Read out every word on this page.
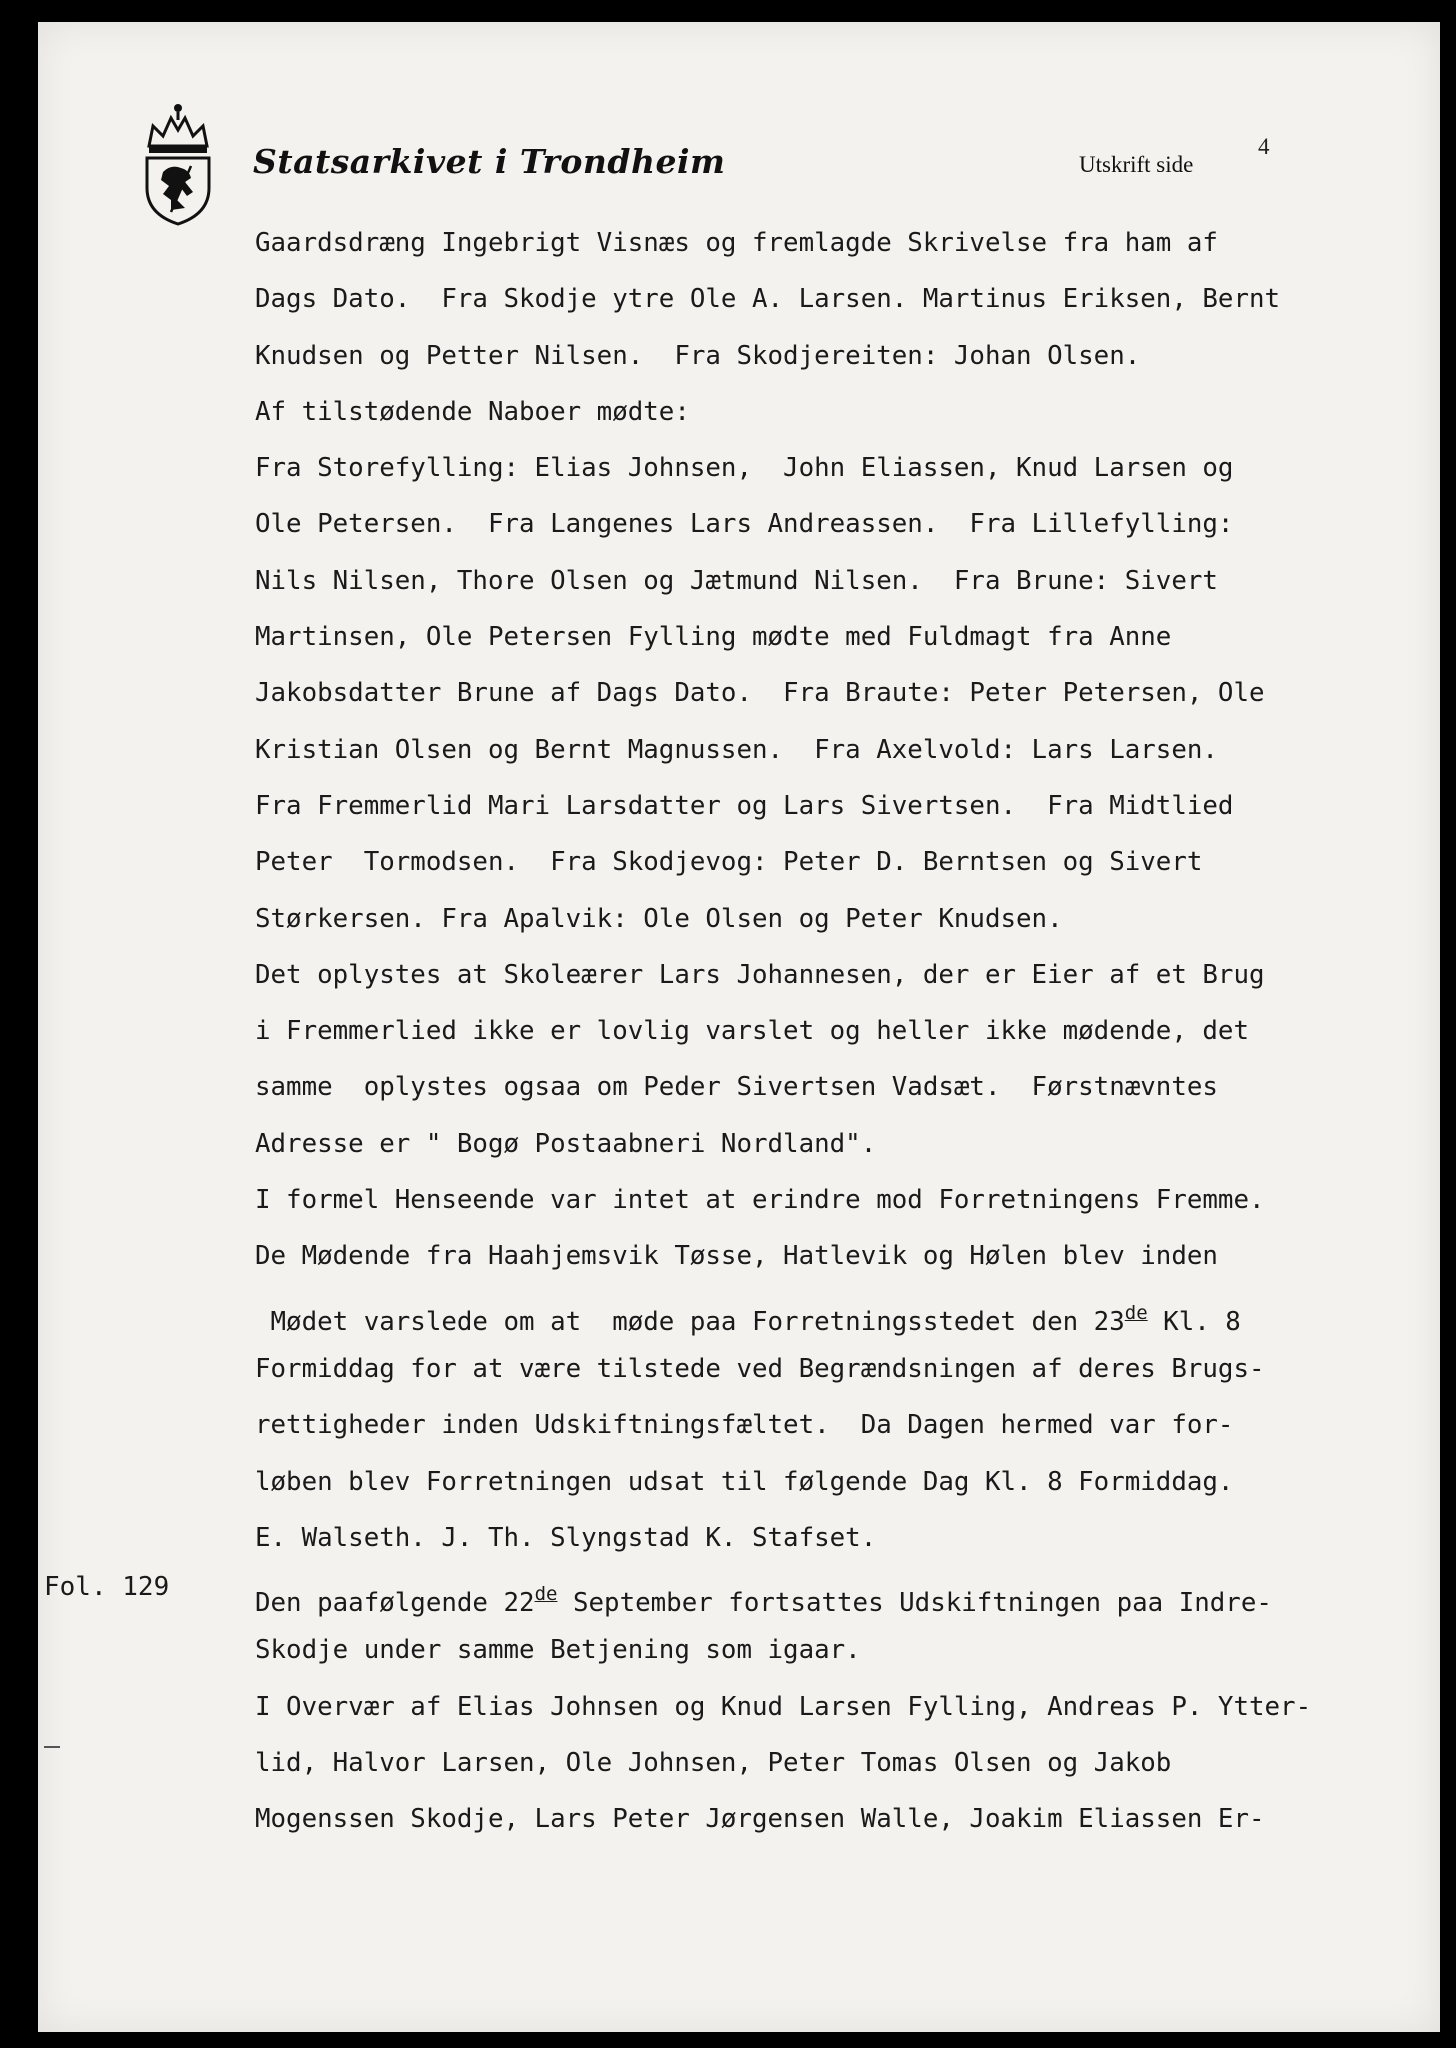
Statsarkivet i Trondheim	Utskrift side
4
Fol. 129
Gaardsdræng Ingebrigt Visnæs og fremlagde Skrivelse fra ham af
Dags Dato.  Fra Skodje ytre Ole A. Larsen. Martinus Eriksen, Bernt
Knudsen og Petter Nilsen.  Fra Skodjereiten: Johan Olsen.
Af tilstødende Naboer mødte:
Fra Storefylling: Elias Johnsen,  John Eliassen, Knud Larsen og
Ole Petersen.  Fra Langenes Lars Andreassen.  Fra Lillefylling:
Nils Nilsen, Thore Olsen og Jætmund Nilsen.  Fra Brune: Sivert
Martinsen, Ole Petersen Fylling mødte med Fuldmagt fra Anne
Jakobsdatter Brune af Dags Dato.  Fra Braute: Peter Petersen, Ole
Kristian Olsen og Bernt Magnussen.  Fra Axelvold: Lars Larsen.
Fra Fremmerlid Mari Larsdatter og Lars Sivertsen.  Fra Midtlied
Peter  Tormodsen.  Fra Skodjevog: Peter D. Berntsen og Sivert
Størkersen. Fra Apalvik: Ole Olsen og Peter Knudsen.
Det oplystes at Skoleærer Lars Johannesen, der er Eier af et Brug
i Fremmerlied ikke er lovlig varslet og heller ikke mødende, det
samme  oplystes ogsaa om Peder Sivertsen Vadsæt.  Førstnævntes
Adresse er " Bogø Postaabneri Nordland".
I formel Henseende var intet at erindre mod Forretningens Fremme.
De Mødende fra Haahjemsvik Tøsse, Hatlevik og Hølen blev inden
Mødet varslede om at  møde paa Forretningsstedet den 23de Kl. 8
Formiddag for at være tilstede ved Begrændsningen af deres Brugs-
rettigheder inden Udskiftningsfæltet.  Da Dagen hermed var for-
løben blev Forretningen udsat til følgende Dag Kl. 8 Formiddag.
E. Walseth. J. Th. Slyngstad K. Stafset.
Den paafølgende 22de September fortsattes Udskiftningen paa Indre-
Skodje under samme Betjening som igaar.
I Overvær af Elias Johnsen og Knud Larsen Fylling, Andreas P. Ytter-
lid, Halvor Larsen, Ole Johnsen, Peter Tomas Olsen og Jakob
Mogenssen Skodje, Lars Peter Jørgensen Walle, Joakim Eliassen Er-
